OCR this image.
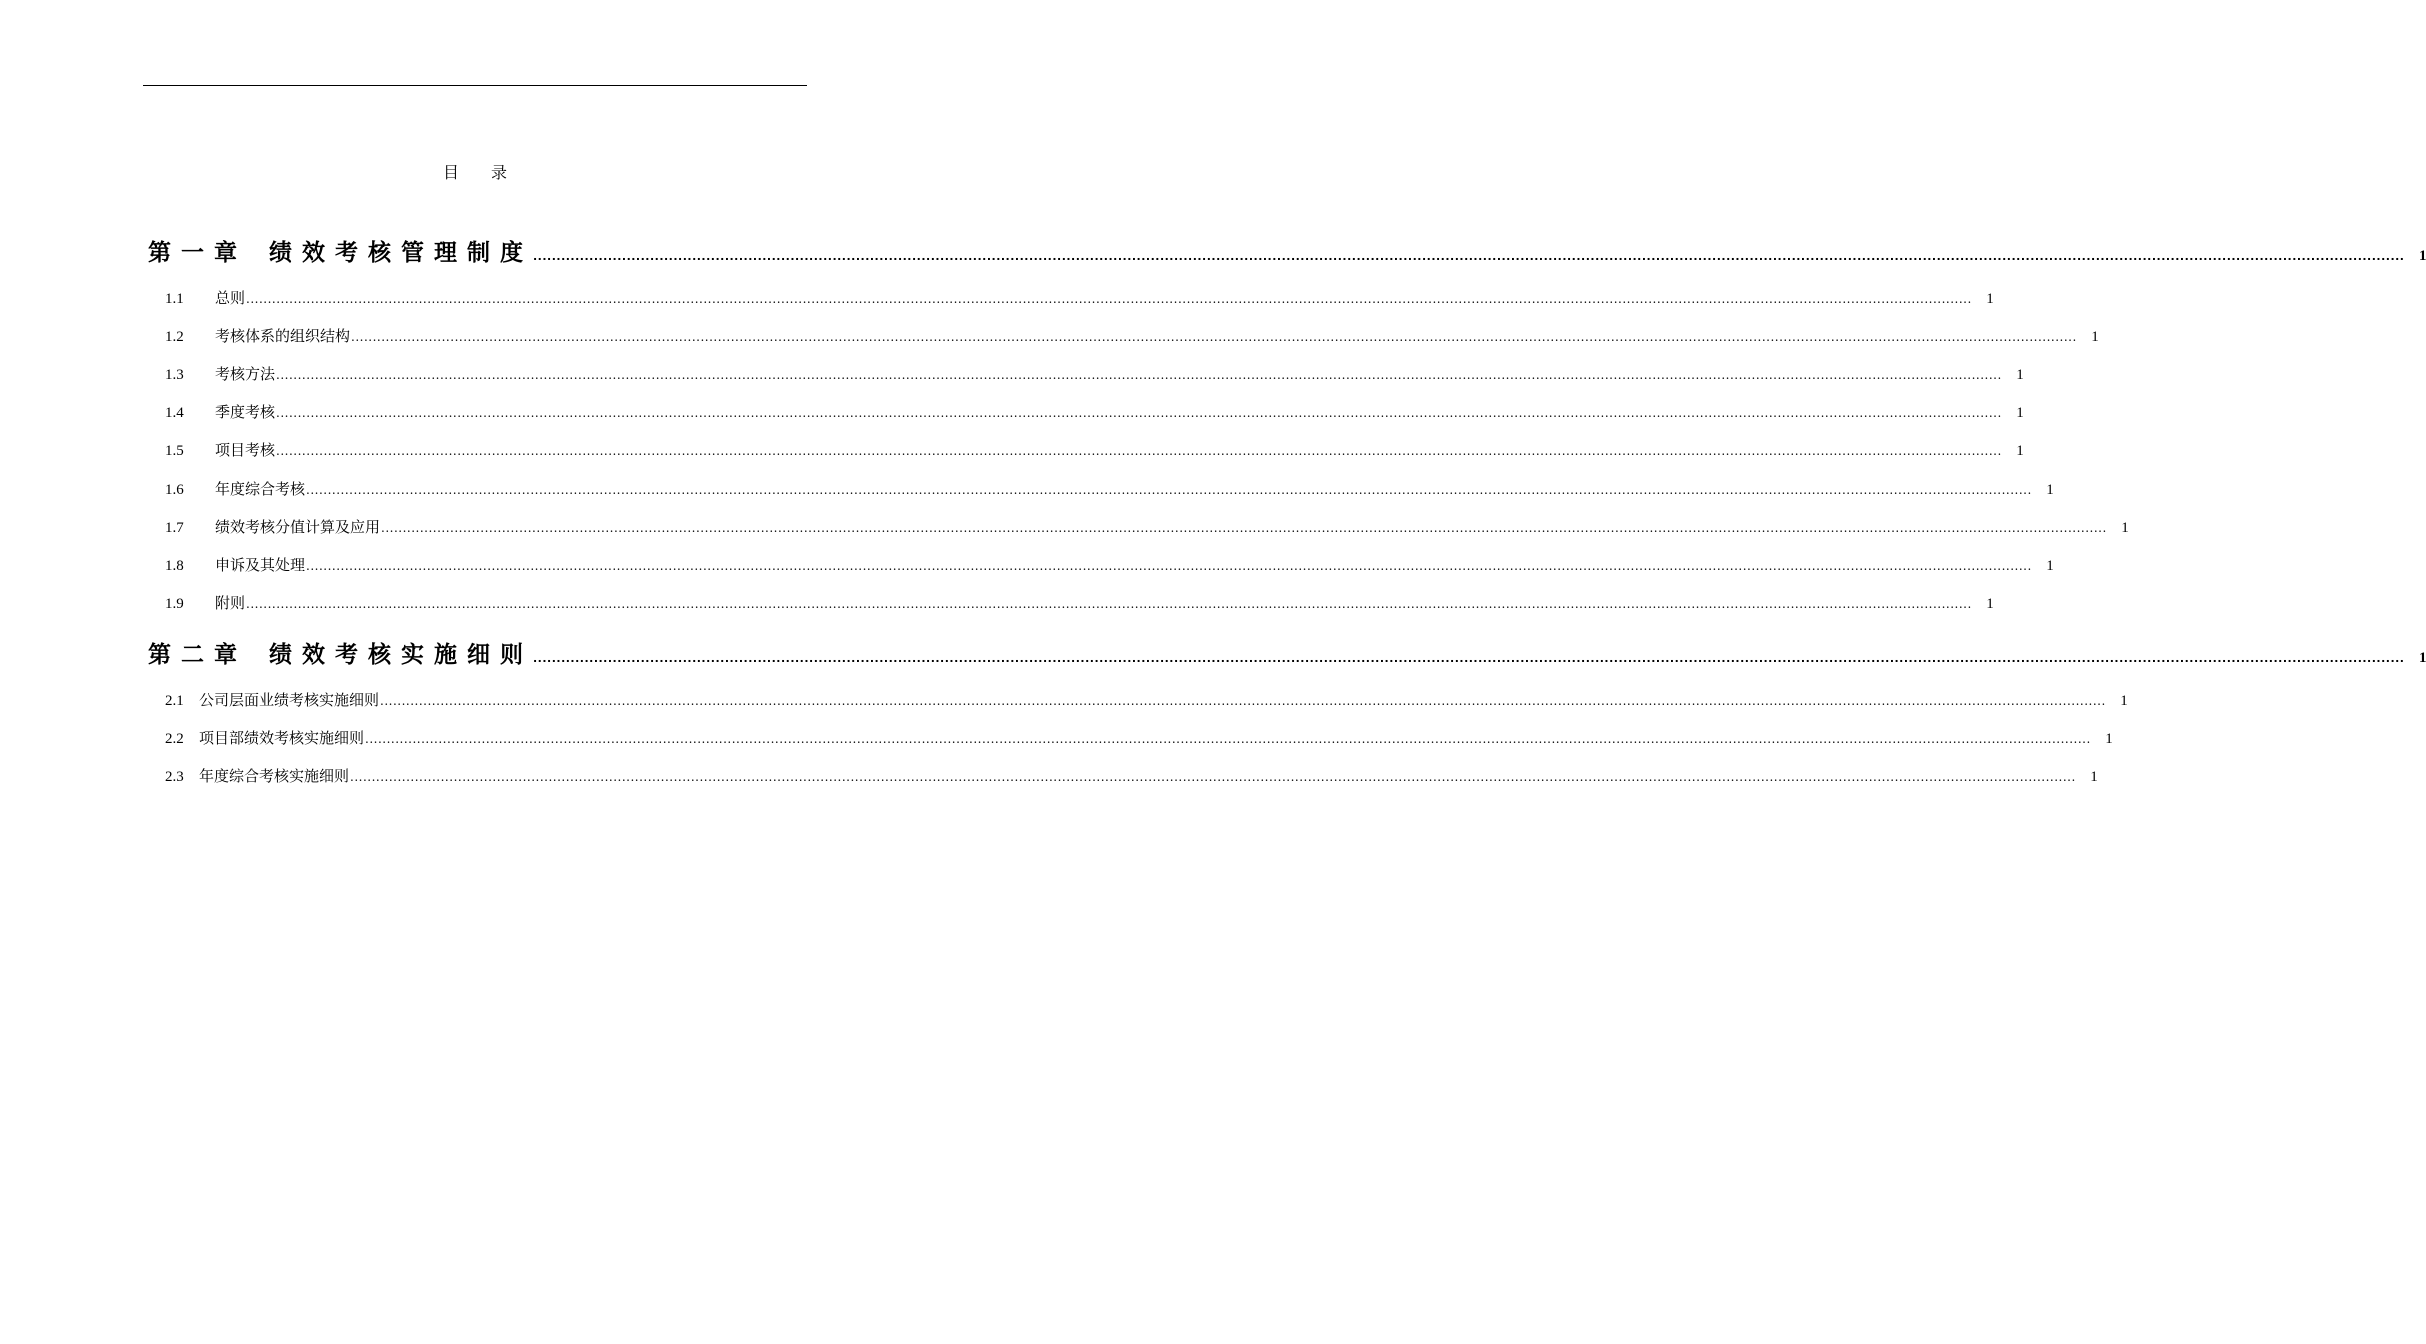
目 录
第一章 绩效考核管理制度 ................................................................................................................................................................................................................................................................................................................................................................................................................ 1
1.1	总则 ................................................................................................................................................................................................................................................................................................................................................................................................................ 1
1.2	考核体系的组织结构 ................................................................................................................................................................................................................................................................................................................................................................................................................ 1
1.3	考核方法 ................................................................................................................................................................................................................................................................................................................................................................................................................ 1
1.4	季度考核 ................................................................................................................................................................................................................................................................................................................................................................................................................ 1
1.5	项目考核 ................................................................................................................................................................................................................................................................................................................................................................................................................ 1
1.6	年度综合考核 ................................................................................................................................................................................................................................................................................................................................................................................................................ 1
1.7	绩效考核分值计算及应用 ................................................................................................................................................................................................................................................................................................................................................................................................................ 1
1.8	申诉及其处理 ................................................................................................................................................................................................................................................................................................................................................................................................................ 1
1.9	附则 ................................................................................................................................................................................................................................................................................................................................................................................................................ 1
第二章 绩效考核实施细则 ................................................................................................................................................................................................................................................................................................................................................................................................................ 1
2.1	公司层面业绩考核实施细则 ................................................................................................................................................................................................................................................................................................................................................................................................................ 1
2.2	项目部绩效考核实施细则 ................................................................................................................................................................................................................................................................................................................................................................................................................ 1
2.3	年度综合考核实施细则 ................................................................................................................................................................................................................................................................................................................................................................................................................ 1
